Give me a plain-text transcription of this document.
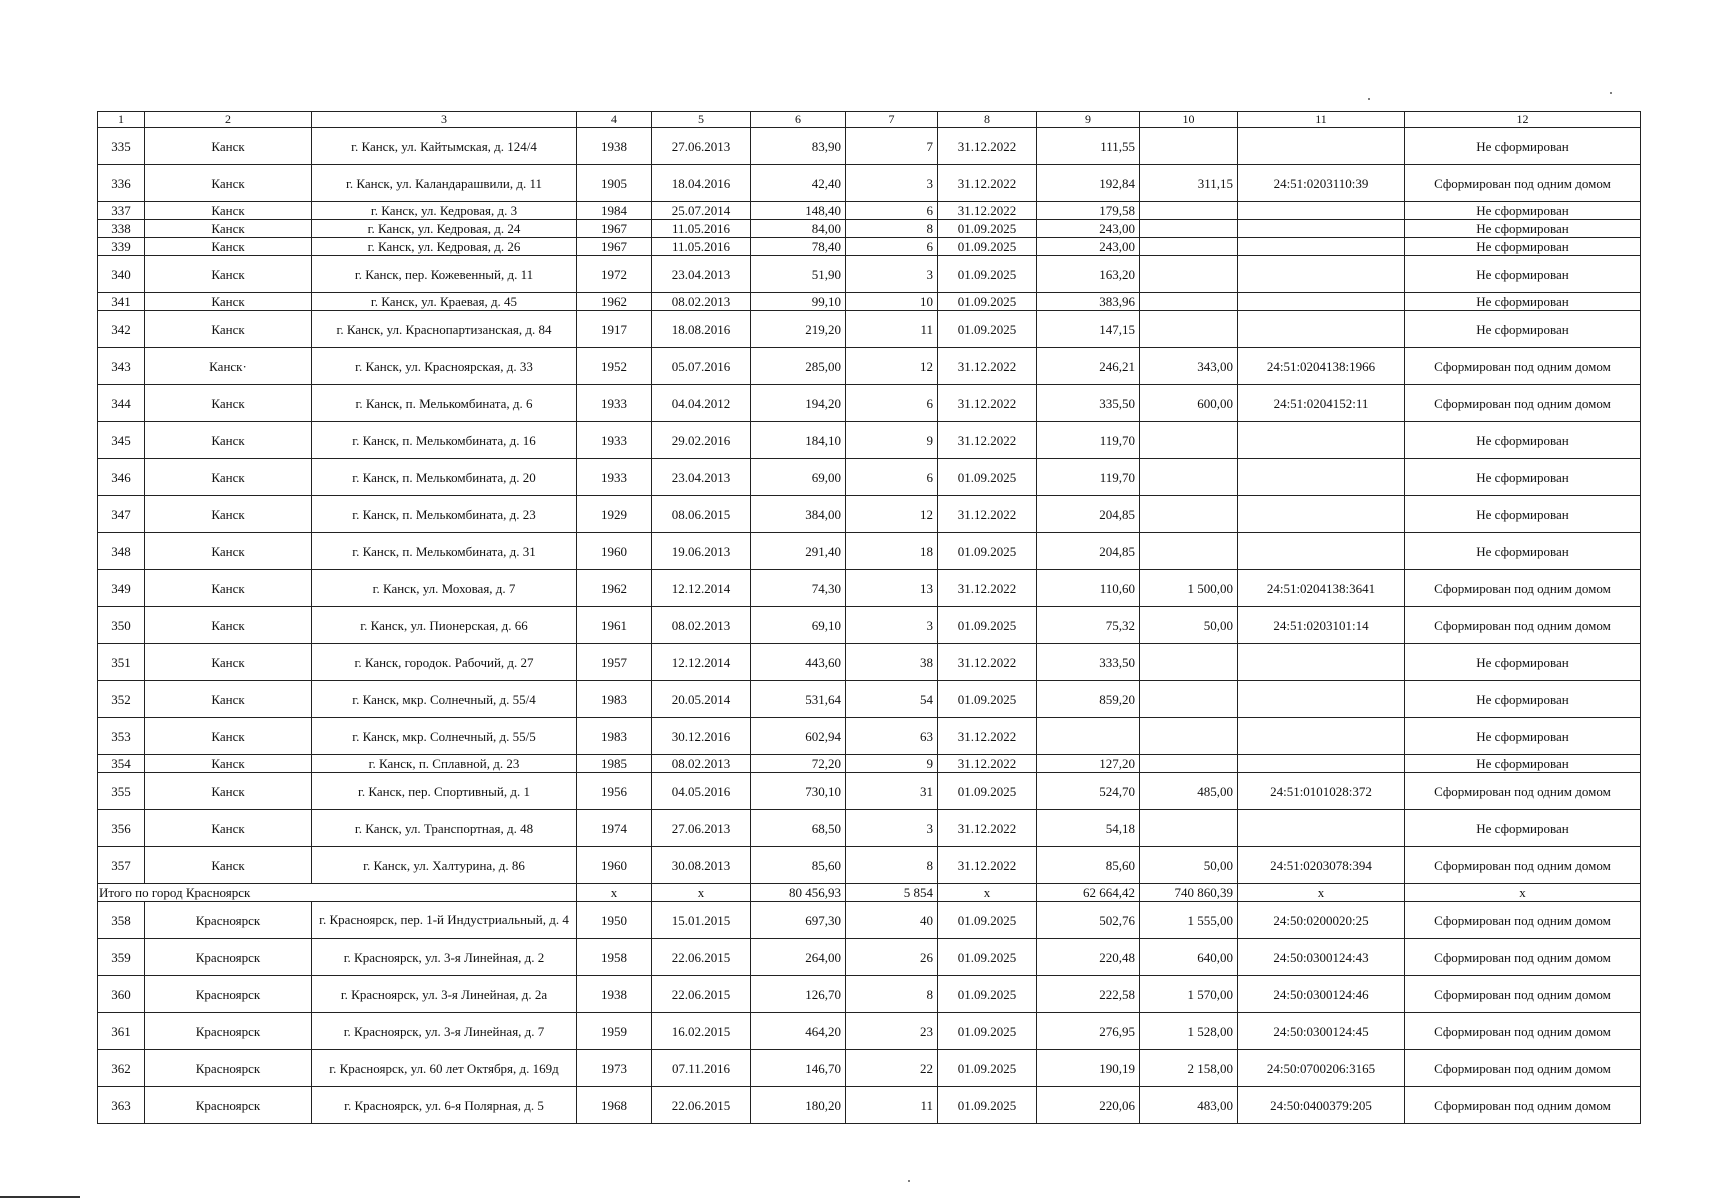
1	2	3	4	5	6	7	8	9	10	11	12
335	Канск	г. Канск, ул. Кайтымская, д. 124/4	1938	27.06.2013	83,90	7	31.12.2022	111,55			Не сформирован
336	Канск	г. Канск, ул. Каландарашвили, д. 11	1905	18.04.2016	42,40	3	31.12.2022	192,84	311,15	24:51:0203110:39	Сформирован под одним домом
337	Канск	г. Канск, ул. Кедровая, д. 3	1984	25.07.2014	148,40	6	31.12.2022	179,58			Не сформирован
338	Канск	г. Канск, ул. Кедровая, д. 24	1967	11.05.2016	84,00	8	01.09.2025	243,00			Не сформирован
339	Канск	г. Канск, ул. Кедровая, д. 26	1967	11.05.2016	78,40	6	01.09.2025	243,00			Не сформирован
340	Канск	г. Канск, пер. Кожевенный, д. 11	1972	23.04.2013	51,90	3	01.09.2025	163,20			Не сформирован
341	Канск	г. Канск, ул. Краевая, д. 45	1962	08.02.2013	99,10	10	01.09.2025	383,96			Не сформирован
342	Канск	г. Канск, ул. Краснопартизанская, д. 84	1917	18.08.2016	219,20	11	01.09.2025	147,15			Не сформирован
343	Канск·	г. Канск, ул. Красноярская, д. 33	1952	05.07.2016	285,00	12	31.12.2022	246,21	343,00	24:51:0204138:1966	Сформирован под одним домом
344	Канск	г. Канск, п. Мелькомбината, д. 6	1933	04.04.2012	194,20	6	31.12.2022	335,50	600,00	24:51:0204152:11	Сформирован под одним домом
345	Канск	г. Канск, п. Мелькомбината, д. 16	1933	29.02.2016	184,10	9	31.12.2022	119,70			Не сформирован
346	Канск	г. Канск, п. Мелькомбината, д. 20	1933	23.04.2013	69,00	6	01.09.2025	119,70			Не сформирован
347	Канск	г. Канск, п. Мелькомбината, д. 23	1929	08.06.2015	384,00	12	31.12.2022	204,85			Не сформирован
348	Канск	г. Канск, п. Мелькомбината, д. 31	1960	19.06.2013	291,40	18	01.09.2025	204,85			Не сформирован
349	Канск	г. Канск, ул. Моховая, д. 7	1962	12.12.2014	74,30	13	31.12.2022	110,60	1 500,00	24:51:0204138:3641	Сформирован под одним домом
350	Канск	г. Канск, ул. Пионерская, д. 66	1961	08.02.2013	69,10	3	01.09.2025	75,32	50,00	24:51:0203101:14	Сформирован под одним домом
351	Канск	г. Канск, городок. Рабочий, д. 27	1957	12.12.2014	443,60	38	31.12.2022	333,50			Не сформирован
352	Канск	г. Канск, мкр. Солнечный, д. 55/4	1983	20.05.2014	531,64	54	01.09.2025	859,20			Не сформирован
353	Канск	г. Канск, мкр. Солнечный, д. 55/5	1983	30.12.2016	602,94	63	31.12.2022				Не сформирован
354	Канск	г. Канск, п. Сплавной, д. 23	1985	08.02.2013	72,20	9	31.12.2022	127,20			Не сформирован
355	Канск	г. Канск, пер. Спортивный, д. 1	1956	04.05.2016	730,10	31	01.09.2025	524,70	485,00	24:51:0101028:372	Сформирован под одним домом
356	Канск	г. Канск, ул. Транспортная, д. 48	1974	27.06.2013	68,50	3	31.12.2022	54,18			Не сформирован
357	Канск	г. Канск, ул. Халтурина, д. 86	1960	30.08.2013	85,60	8	31.12.2022	85,60	50,00	24:51:0203078:394	Сформирован под одним домом
Итого по город Красноярск			x	x	80 456,93	5 854	x	62 664,42	740 860,39	x	x
358	Красноярск	г. Красноярск, пер. 1-й Индустриальный, д. 4	1950	15.01.2015	697,30	40	01.09.2025	502,76	1 555,00	24:50:0200020:25	Сформирован под одним домом
359	Красноярск	г. Красноярск, ул. 3-я Линейная, д. 2	1958	22.06.2015	264,00	26	01.09.2025	220,48	640,00	24:50:0300124:43	Сформирован под одним домом
360	Красноярск	г. Красноярск, ул. 3-я Линейная, д. 2а	1938	22.06.2015	126,70	8	01.09.2025	222,58	1 570,00	24:50:0300124:46	Сформирован под одним домом
361	Красноярск	г. Красноярск, ул. 3-я Линейная, д. 7	1959	16.02.2015	464,20	23	01.09.2025	276,95	1 528,00	24:50:0300124:45	Сформирован под одним домом
362	Красноярск	г. Красноярск, ул. 60 лет Октября, д. 169д	1973	07.11.2016	146,70	22	01.09.2025	190,19	2 158,00	24:50:0700206:3165	Сформирован под одним домом
363	Красноярск	г. Красноярск, ул. 6-я Полярная, д. 5	1968	22.06.2015	180,20	11	01.09.2025	220,06	483,00	24:50:0400379:205	Сформирован под одним домом
